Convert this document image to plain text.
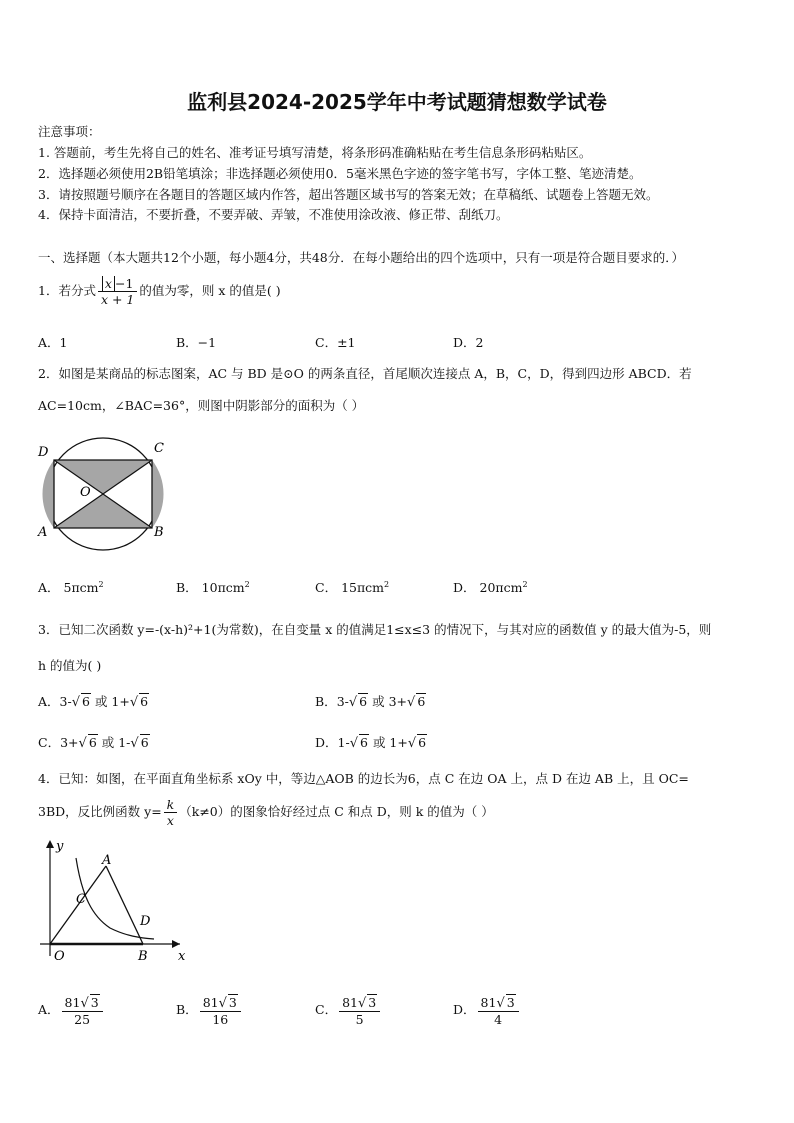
监利县2024-2025学年中考试题猜想数学试卷
注意事项：
1. 答题前，考生先将自己的姓名、准考证号填写清楚，将条形码准确粘贴在考生信息条形码粘贴区。
2．选择题必须使用2B铅笔填涂；非选择题必须使用0．5毫米黑色字迹的签字笔书写，字体工整、笔迹清楚。
3．请按照题号顺序在各题目的答题区域内作答，超出答题区域书写的答案无效；在草稿纸、试题卷上答题无效。
4．保持卡面清洁，不要折叠，不要弄破、弄皱，不准使用涂改液、修正带、刮纸刀。
一、选择题（本大题共12个小题，每小题4分，共48分．在每小题给出的四个选项中，只有一项是符合题目要求的．）
1．若分式 $\frac{x -1}{x + 1}$ 的值为零，则 x 的值是( )
A．1	B．−1	C．±1	D．2
2．如图是某商品的标志图案，AC 与 BD 是⊙O 的两条直径，首尾顺次连接点 A，B，C，D，得到四边形 ABCD．若
AC=10cm，∠BAC=36°，则图中阴影部分的面积为（ ）
D	C
O
A	B
A． 5πcm$^2$	B． 10πcm$^2$	C． 15πcm$^2$	D． 20πcm$^2$
3．已知二次函数 y=-(x-h)²+1(为常数)，在自变量 x 的值满足1≤x≤3 的情况下，与其对应的函数值 y 的最大值为-5，则
h 的值为( )
A．3-√ 6 或 1+√ 6	B．3-√ 6 或 3+√ 6
C．3+√ 6 或 1-√ 6	D．1-√ 6 或 1+√ 6
4．已知：如图，在平面直角坐标系 xOy 中，等边△AOB 的边长为6，点 C 在边 OA 上，点 D 在边 AB 上，且 OC=
3BD，反比例函数 $y= \frac{k}{x} (k\ne 0)$的图象恰好经过点 C 和点 D，则 k 的值为（ ）
y
x
A
C
D
O	B
A． $\frac{81√ 3}{25}$	B． $\frac{81√ 3}{16}$	C． $\frac{81√ 3}{5}$	D． $\frac{81√ 3}{4}$
